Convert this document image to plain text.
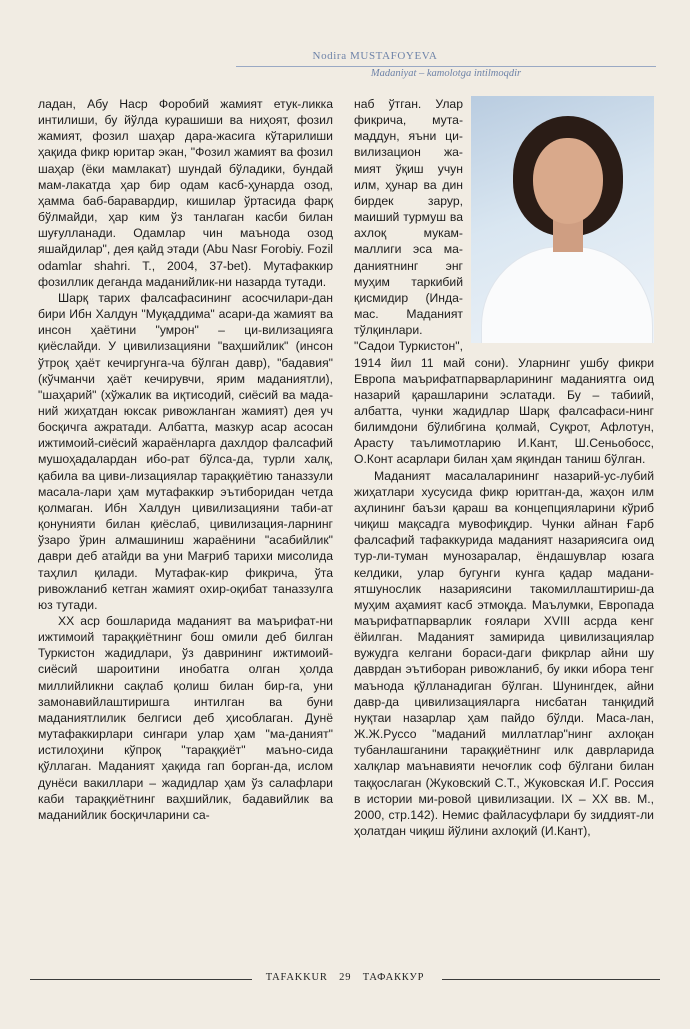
Nodira MUSTAFOYEVA
Madaniyat – kamolotga intilmoqdir

ладан, Абу Наср Форобий жамият етук-ликка интилиши, бу йўлда курашиши ва ниҳоят, фозил жамият, фозил шаҳар дара-жасига кўтарилиши ҳақида фикр юритар экан, "Фозил жамият ва фозил шаҳар (ёки мамлакат) шундай бўладики, бундай мам-лакатда ҳар бир одам касб-ҳунарда озод, ҳамма баб-баравардир, кишилар ўртасида фарқ бўлмайди, ҳар ким ўз танлаган касби билан шуғулланади. Одамлар чин маънода озод яшайдилар", дея қайд этади (Abu Nasr Forobiy. Fozil odamlar shahri. T., 2004, 37-bet). Мутафаккир фозиллик деганда маданийлик-ни назарда тутади.

Шарқ тарих фалсафасининг асосчилари-дан бири Ибн Халдун "Муқаддима" асари-да жамият ва инсон ҳаётини "умрон" – ци-вилизацияга қиёслайди. У цивилизацияни "ваҳшийлик" (инсон ўтроқ ҳаёт кечиргунга-ча бўлган давр), "бадавия" (кўчманчи ҳаёт кечирувчи, ярим маданиятли), "шаҳарий" (хўжалик ва иқтисодий, сиёсий ва мада-ний жиҳатдан юксак ривожланган жамият) дея уч босқичга ажратади. Албатта, мазкур асар асосан ижтимоий-сиёсий жараёнларга дахлдор фалсафий мушоҳадалардан ибо-рат бўлса-да, турли халқ, қабила ва циви-лизациялар тараққиётию таназзули масала-лари ҳам мутафаккир эътиборидан четда қолмаган. Ибн Халдун цивилизацияни таби-ат қонунияти билан қиёслаб, цивилизация-ларнинг ўзаро ўрин алмашиниш жараёнини "асабийлик" даври деб атайди ва уни Мағриб тарихи мисолида таҳлил қилади. Мутафак-кир фикрича, ўта ривожланиб кетган жамият охир-оқибат таназзулга юз тутади.

XX аср бошларида маданият ва маърифат-ни ижтимоий тараққиётнинг бош омили деб билган Туркистон жадидлари, ўз даврининг ижтимоий-сиёсий шароитини инобатга олган ҳолда миллийликни сақлаб қолиш билан бир-га, уни замонавийлаштиришга интилган ва буни маданиятлилик белгиси деб ҳисоблаган. Дунё мутафаккирлари сингари улар ҳам "ма-даният" истилоҳини кўпроқ "тараққиёт" маъно-сида қўллаган. Маданият ҳақида гап борган-да, ислом дунёси вакиллари – жадидлар ҳам ўз салафлари каби тараққиётнинг ваҳшийлик, бадавийлик ва маданийлик босқичларини са-

наб ўтган. Улар фикрича, мута-маддун, яъни ци-вилизацион жа-мият ўқиш учун илм, ҳунар ва дин бирдек зарур, маиший турмуш ва ахлоқ мукам-маллиги эса ма-даниятнинг энг муҳим таркибий қисмидир (Инда-мас. Маданият тўлқинлари. "Садои Туркистон", 1914 йил 11 май сони). Уларнинг ушбу фикри Европа маърифатпарварларининг маданиятга оид назарий қарашларини эслатади. Бу – табиий, албатта, чунки жадидлар Шарқ фалсафаси-нинг билимдони бўлибгина қолмай, Суқрот, Афлотун, Арасту таълимотларию И.Кант, Ш.Сеньобосс, О.Конт асарлари билан ҳам яқиндан таниш бўлган.

Маданият масалаларининг назарий-ус-лубий жиҳатлари хусусида фикр юритган-да, жаҳон илм аҳлининг баъзи қараш ва концепцияларини кўриб чиқиш мақсадга мувофиқдир. Чунки айнан Ғарб фалсафий тафаккурида маданият назариясига оид тур-ли-туман мунозаралар, ёндашувлар юзага келдики, улар бугунги кунга қадар мадани-ятшунослик назариясини такомиллаштириш-да муҳим аҳамият касб этмоқда. Маълумки, Европада маърифатпарварлик ғоялари XVIII асрда кенг ёйилган. Маданият замирида цивилизациялар вужудга келгани бораси-даги фикрлар айни шу даврдан эътиборан ривожланиб, бу икки ибора тенг маънода қўлланадиган бўлган. Шунингдек, айни давр-да цивилизацияларга нисбатан танқидий нуқтаи назарлар ҳам пайдо бўлди. Маса-лан, Ж.Ж.Руссо "маданий миллатлар"нинг ахлоқан тубанлашганини тараққиётнинг илк даврларида халқлар маънавияти нечоғлик соф бўлгани билан таққослаган (Жуковский С.Т., Жуковская И.Г. Россия в истории ми-ровой цивилизации. IX – XX вв. М., 2000, стр.142). Немис файласуфлари бу зиддият-ли ҳолатдан чиқиш йўлини ахлоқий (И.Кант),

TAFAKKUR 29 ТАФАККУР
